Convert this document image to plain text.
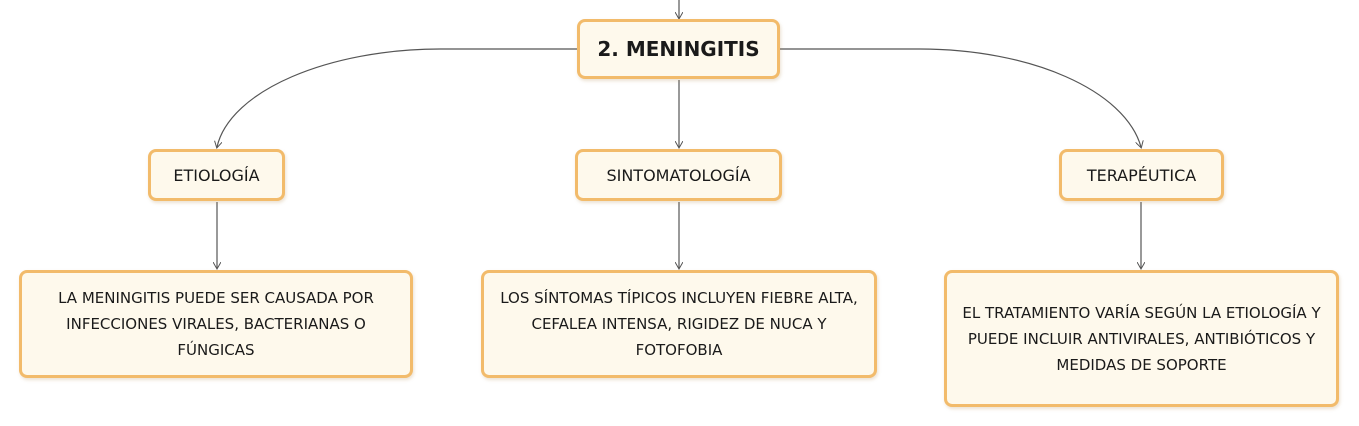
2. MENINGITIS
ETIOLOGÍA	SINTOMATOLOGÍA	TERAPÉUTICA
LA MENINGITIS PUEDE SER CAUSADA POR INFECCIONES VIRALES, BACTERIANAS O FÚNGICAS
LOS SÍNTOMAS TÍPICOS INCLUYEN FIEBRE ALTA, CEFALEA INTENSA, RIGIDEZ DE NUCA Y FOTOFOBIA
EL TRATAMIENTO VARÍA SEGÚN LA ETIOLOGÍA Y PUEDE INCLUIR ANTIVIRALES, ANTIBIÓTICOS Y MEDIDAS DE SOPORTE
